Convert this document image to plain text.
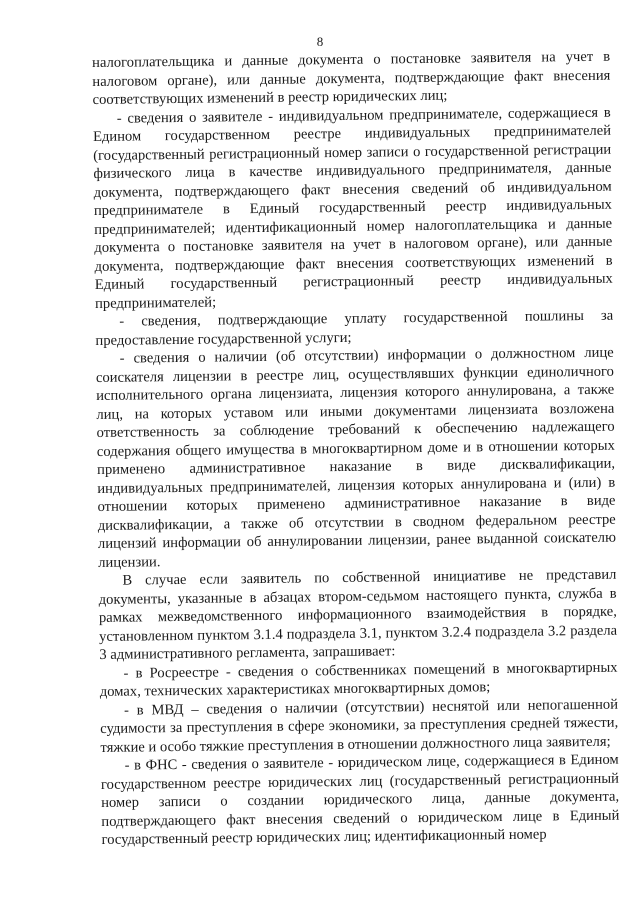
8

налогоплательщика и данные документа о постановке заявителя на учет в налоговом органе), или данные документа, подтверждающие факт внесения соответствующих изменений в реестр юридических лиц;

- сведения о заявителе - индивидуальном предпринимателе, содержащиеся в Едином государственном реестре индивидуальных предпринимателей (государственный регистрационный номер записи о государственной регистрации физического лица в качестве индивидуального предпринимателя, данные документа, подтверждающего факт внесения сведений об индивидуальном предпринимателе в Единый государственный реестр индивидуальных предпринимателей; идентификационный номер налогоплательщика и данные документа о постановке заявителя на учет в налоговом органе), или данные документа, подтверждающие факт внесения соответствующих изменений в Единый государственный регистрационный реестр индивидуальных предпринимателей;

- сведения, подтверждающие уплату государственной пошлины за предоставление государственной услуги;

- сведения о наличии (об отсутствии) информации о должностном лице соискателя лицензии в реестре лиц, осуществлявших функции единоличного исполнительного органа лицензиата, лицензия которого аннулирована, а также лиц, на которых уставом или иными документами лицензиата возложена ответственность за соблюдение требований к обеспечению надлежащего содержания общего имущества в многоквартирном доме и в отношении которых применено административное наказание в виде дисквалификации, индивидуальных предпринимателей, лицензия которых аннулирована и (или) в отношении которых применено административное наказание в виде дисквалификации, а также об отсутствии в сводном федеральном реестре лицензий информации об аннулировании лицензии, ранее выданной соискателю лицензии.

В случае если заявитель по собственной инициативе не представил документы, указанные в абзацах втором-седьмом настоящего пункта, служба в рамках межведомственного информационного взаимодействия в порядке, установленном пунктом 3.1.4 подраздела 3.1, пунктом 3.2.4 подраздела 3.2 раздела 3 административного регламента, запрашивает:

- в Росреестре - сведения о собственниках помещений в многоквартирных домах, технических характеристиках многоквартирных домов;

- в МВД – сведения о наличии (отсутствии) неснятой или непогашенной судимости за преступления в сфере экономики, за преступления средней тяжести, тяжкие и особо тяжкие преступления в отношении должностного лица заявителя;

- в ФНС - сведения о заявителе - юридическом лице, содержащиеся в Едином государственном реестре юридических лиц (государственный регистрационный номер записи о создании юридического лица, данные документа, подтверждающего факт внесения сведений о юридическом лице в Единый государственный реестр юридических лиц; идентификационный номер
